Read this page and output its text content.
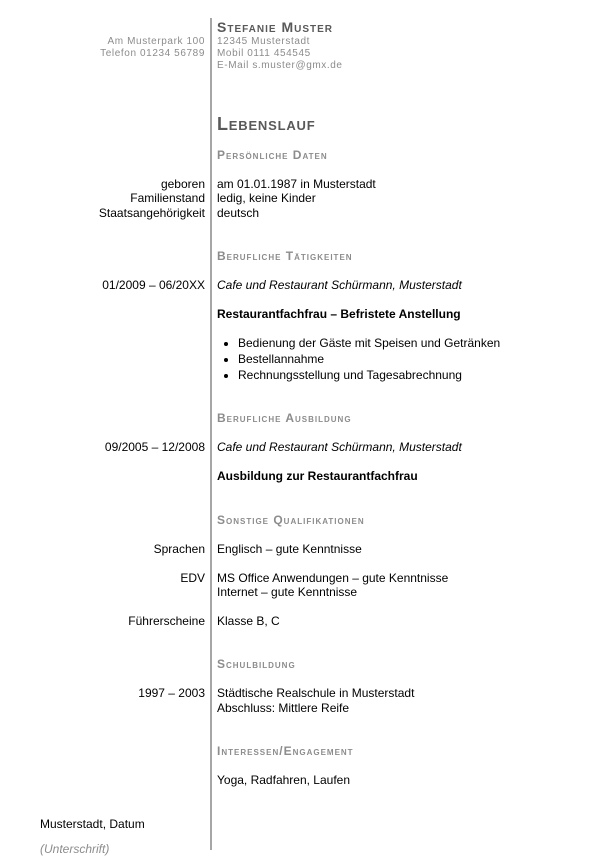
Am Musterpark 100
Telefon 01234 56789
Stefanie Muster
12345 Musterstadt
Mobil 0111 454545
E-Mail s.muster@gmx.de
Lebenslauf
Persönliche Daten
geboren am 01.01.1987 in Musterstadt
Familienstand ledig, keine Kinder
Staatsangehörigkeit deutsch
Berufliche Tätigkeiten
01/2009 – 06/20XX Cafe und Restaurant Schürmann, Musterstadt
Restaurantfachfrau – Befristete Anstellung
• Bedienung der Gäste mit Speisen und Getränken
• Bestellannahme
• Rechnungsstellung und Tagesabrechnung
Berufliche Ausbildung
09/2005 – 12/2008 Cafe und Restaurant Schürmann, Musterstadt
Ausbildung zur Restaurantfachfrau
Sonstige Qualifikationen
Sprachen Englisch – gute Kenntnisse
EDV MS Office Anwendungen – gute Kenntnisse
Internet – gute Kenntnisse
Führerscheine Klasse B, C
Schulbildung
1997 – 2003 Städtische Realschule in Musterstadt
Abschluss: Mittlere Reife
Interessen/Engagement
Yoga, Radfahren, Laufen
Musterstadt, Datum
(Unterschrift)
